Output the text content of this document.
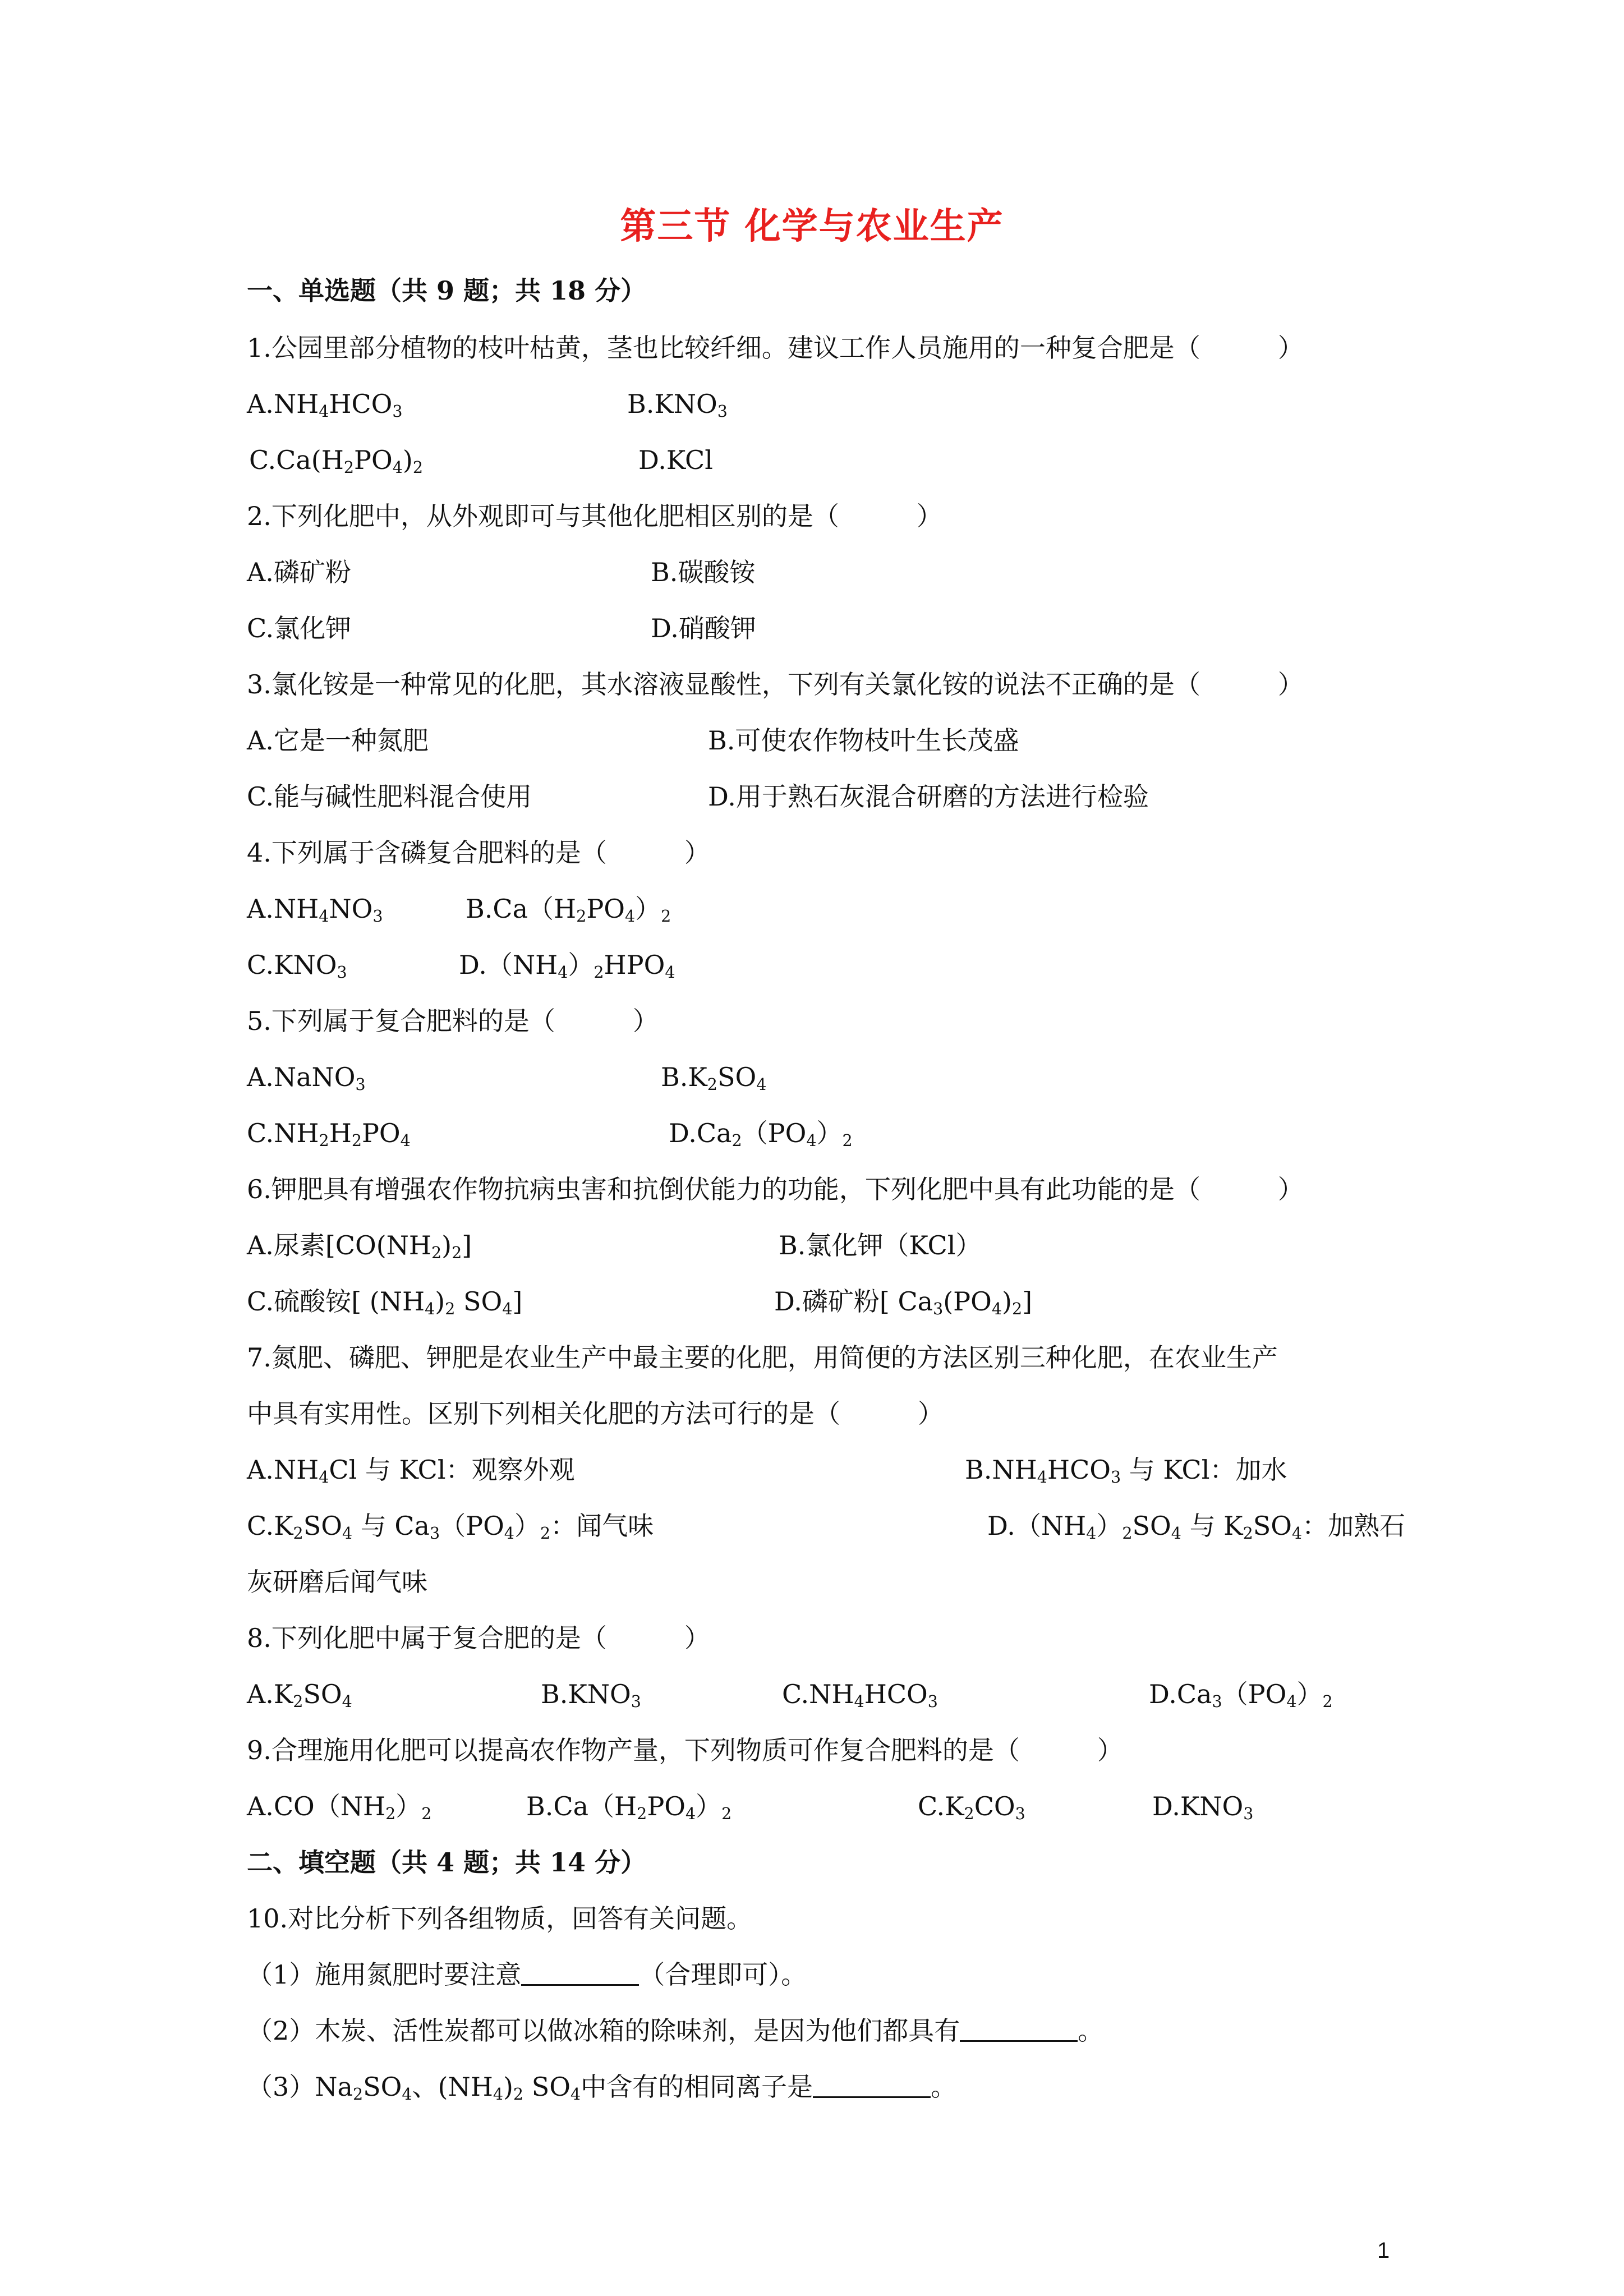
第三节 化学与农业生产
一、单选题（共 9 题；共 18 分）
1.公园里部分植物的枝叶枯黄，茎也比较纤细。建议工作人员施用的一种复合肥是（　　　）
$A.NH_4HCO_3$	$B.KNO_3$
$C.Ca(H_2PO_4)_2$	D.KCl
2.下列化肥中，从外观即可与其他化肥相区别的是（　　　）
A.磷矿粉	B.碳酸铵
C.氯化钾	D.硝酸钾
3.氯化铵是一种常见的化肥，其水溶液显酸性，下列有关氯化铵的说法不正确的是（　　　）
A.它是一种氮肥	B.可使农作物枝叶生长茂盛
C.能与碱性肥料混合使用	D.用于熟石灰混合研磨的方法进行检验
4.下列属于含磷复合肥料的是（　　　）
$A.NH_4NO_3$	$B.Ca(H_2PO_4)_2$
$C.KNO_3$	$D.(NH_4)_2HPO_4$
5.下列属于复合肥料的是（　　　）
A.NaNO$_3$	$B.K_2SO_4$
$C.NH_2H_2PO_4$	$D.Ca_2(PO_4)_2$
6.钾肥具有增强农作物抗病虫害和抗倒伏能力的功能，下列化肥中具有此功能的是（　　　）
A.尿素$[CO(NH_2)_2]$	B.氯化钾（KCl）
C.硫酸铵[ $(NH_4)_2$ $SO_4$]	D.磷矿粉[ $Ca_3(PO_4)_2$]
7.氮肥、磷肥、钾肥是农业生产中最主要的化肥，用简便的方法区别三种化肥，在农业生产
中具有实用性。区别下列相关化肥的方法可行的是（　　　）
$A.NH_4Cl$ 与 KCl：观察外观	$B.NH_4HCO_3$ 与 KCl：加水
$C.K_2SO_4$ 与 $Ca_3(PO_4)_2$：闻气味	$D.(NH_4)_2SO_4$ 与 $K_2SO_4$：加熟石
灰研磨后闻气味
8.下列化肥中属于复合肥的是（　　　）
$A.K_2SO_4$	$B.KNO_3$	$C.NH_4HCO_3$	$D.Ca_3(PO_4)_2$
9.合理施用化肥可以提高农作物产量，下列物质可作复合肥料的是（　　　）
$A.CO(NH_2)_2$	$B.Ca(H_2PO_4)_2$	$C.K_2CO_3$	$D.KNO_3$
二、填空题（共 4 题；共 14 分）
10.对比分析下列各组物质，回答有关问题。
（1）施用氮肥时要注意	（合理即可）。
（2）木炭、活性炭都可以做冰箱的除味剂，是因为他们都具有	。
$(3)Na_2SO_4$、$(NH_4)_2$ $SO_4$中含有的相同离子是	。
1
